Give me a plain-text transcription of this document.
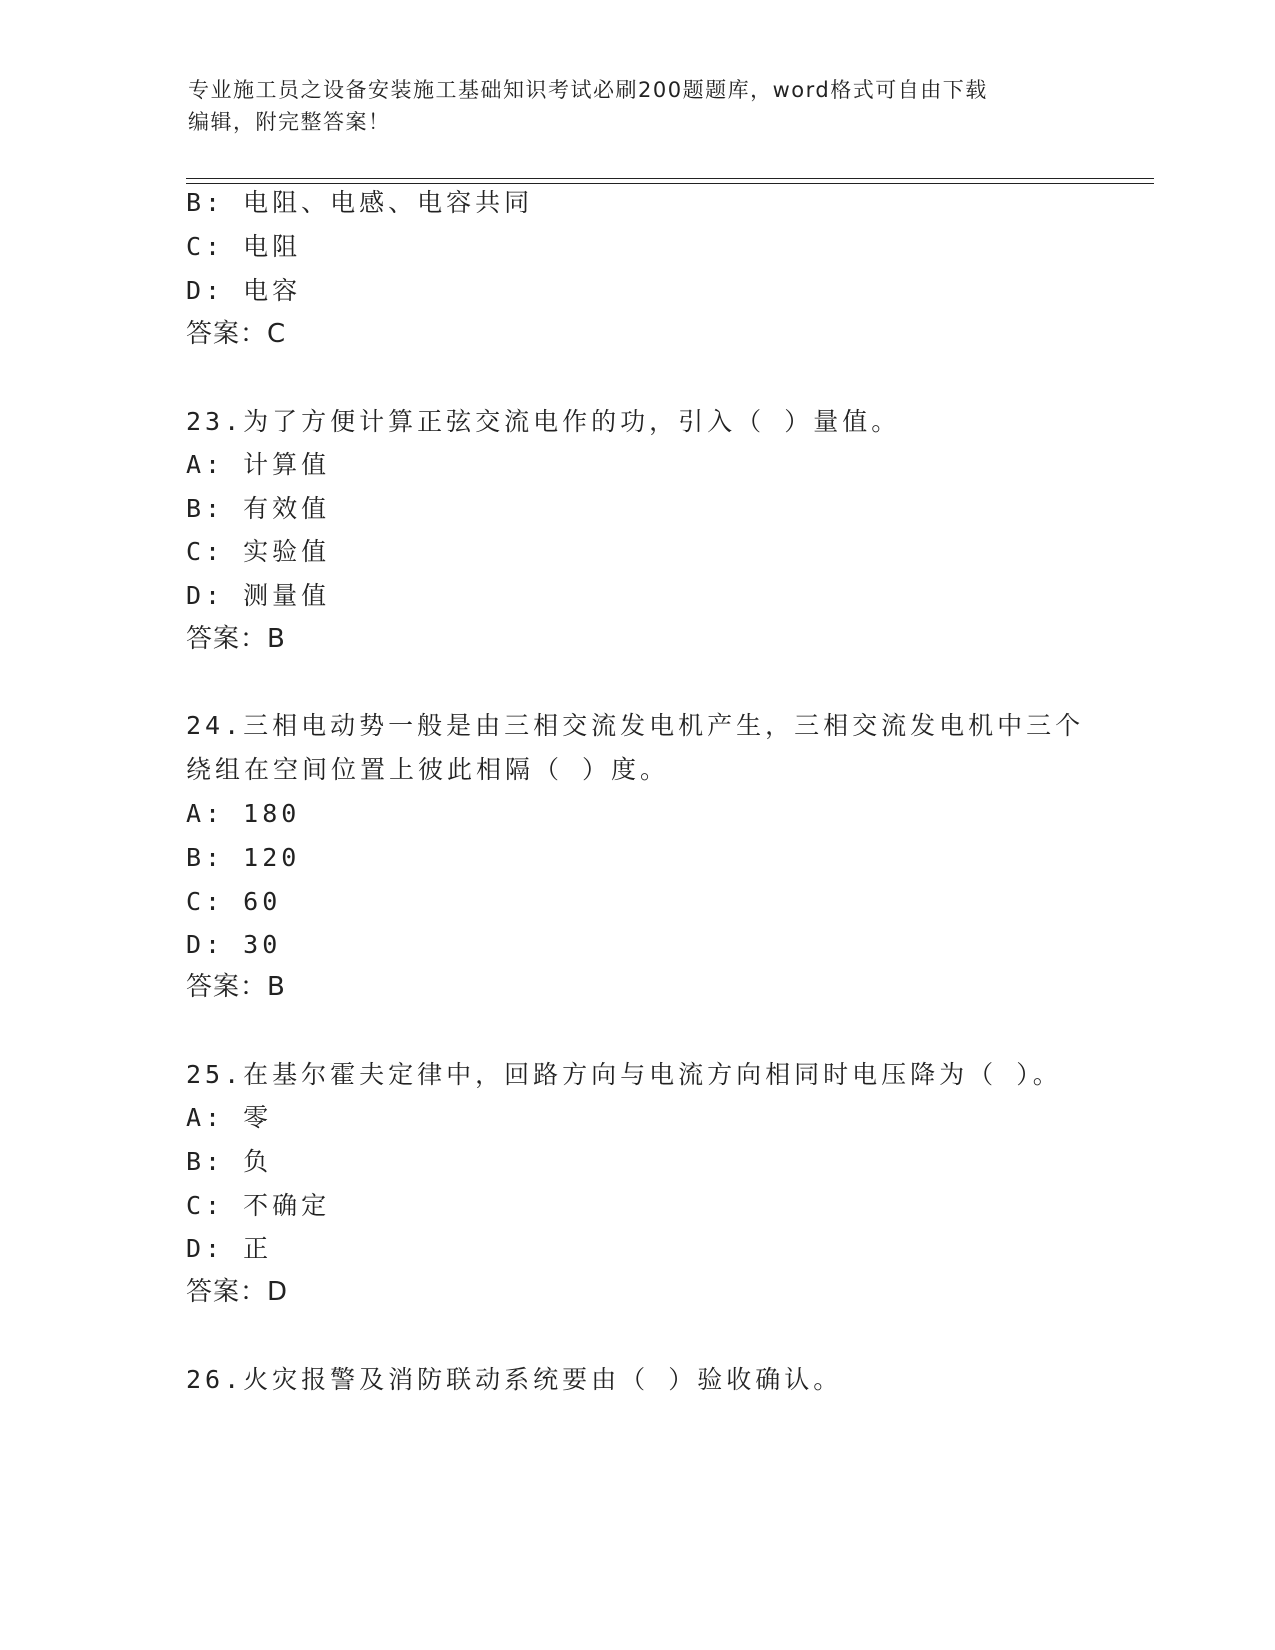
专业施工员之设备安装施工基础知识考试必刷200题题库，word格式可自由下载
编辑，附完整答案！
B: 电阻、电感、电容共同
C: 电阻
D: 电容
答案：C
23.为了方便计算正弦交流电作的功，引入（ ）量值。
A: 计算值
B: 有效值
C: 实验值
D: 测量值
答案：B
24.三相电动势一般是由三相交流发电机产生，三相交流发电机中三个
绕组在空间位置上彼此相隔（ ）度。
A: 180
B: 120
C: 60
D: 30
答案：B
25.在基尔霍夫定律中，回路方向与电流方向相同时电压降为（ ）。
A: 零
B: 负
C: 不确定
D: 正
答案：D
26.火灾报警及消防联动系统要由（ ）验收确认。
